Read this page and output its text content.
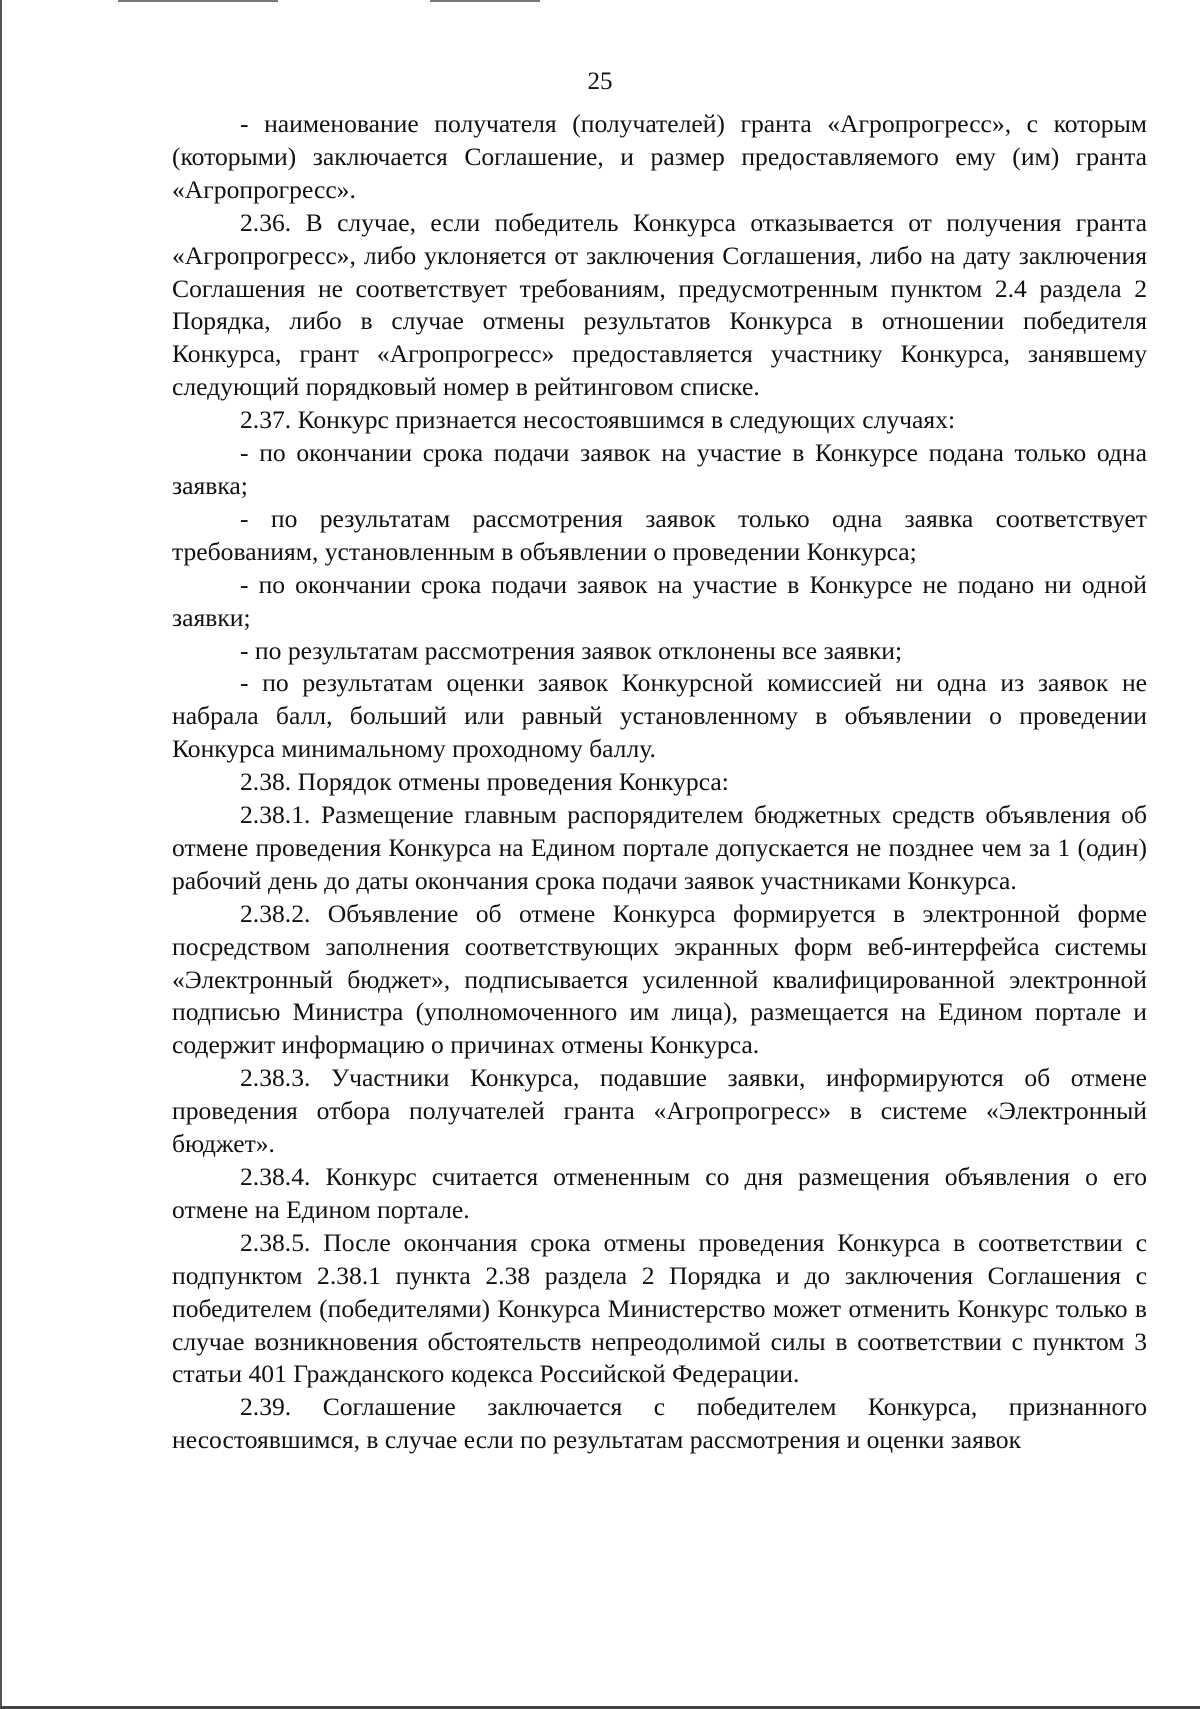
25

- наименование получателя (получателей) гранта «Агропрогресс», с которым (которыми) заключается Соглашение, и размер предоставляемого ему (им) гранта «Агропрогресс».

2.36. В случае, если победитель Конкурса отказывается от получения гранта «Агропрогресс», либо уклоняется от заключения Соглашения, либо на дату заключения Соглашения не соответствует требованиям, предусмотренным пунктом 2.4 раздела 2 Порядка, либо в случае отмены результатов Конкурса в отношении победителя Конкурса, грант «Агропрогресс» предоставляется участнику Конкурса, занявшему следующий порядковый номер в рейтинговом списке.

2.37. Конкурс признается несостоявшимся в следующих случаях:

- по окончании срока подачи заявок на участие в Конкурсе подана только одна заявка;

- по результатам рассмотрения заявок только одна заявка соответствует требованиям, установленным в объявлении о проведении Конкурса;

- по окончании срока подачи заявок на участие в Конкурсе не подано ни одной заявки;

- по результатам рассмотрения заявок отклонены все заявки;

- по результатам оценки заявок Конкурсной комиссией ни одна из заявок не набрала балл, больший или равный установленному в объявлении о проведении Конкурса минимальному проходному баллу.

2.38. Порядок отмены проведения Конкурса:

2.38.1. Размещение главным распорядителем бюджетных средств объявления об отмене проведения Конкурса на Едином портале допускается не позднее чем за 1 (один) рабочий день до даты окончания срока подачи заявок участниками Конкурса.

2.38.2. Объявление об отмене Конкурса формируется в электронной форме посредством заполнения соответствующих экранных форм веб-интерфейса системы «Электронный бюджет», подписывается усиленной квалифицированной электронной подписью Министра (уполномоченного им лица), размещается на Едином портале и содержит информацию о причинах отмены Конкурса.

2.38.3. Участники Конкурса, подавшие заявки, информируются об отмене проведения отбора получателей гранта «Агропрогресс» в системе «Электронный бюджет».

2.38.4. Конкурс считается отмененным со дня размещения объявления о его отмене на Едином портале.

2.38.5. После окончания срока отмены проведения Конкурса в соответствии с подпунктом 2.38.1 пункта 2.38 раздела 2 Порядка и до заключения Соглашения с победителем (победителями) Конкурса Министерство может отменить Конкурс только в случае возникновения обстоятельств непреодолимой силы в соответствии с пунктом 3 статьи 401 Гражданского кодекса Российской Федерации.

2.39. Соглашение заключается с победителем Конкурса, признанного несостоявшимся, в случае если по результатам рассмотрения и оценки заявок
